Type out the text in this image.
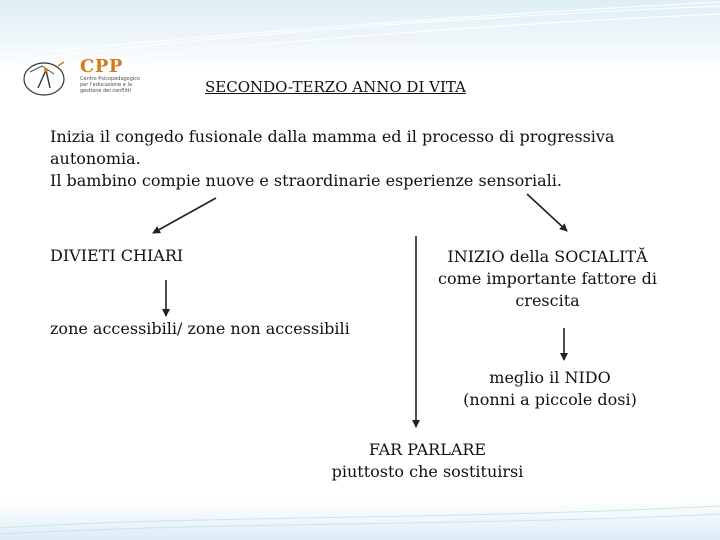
CPP
Centro Psicopedagogico
per l'educazione e la
gestione dei conflitti	SECONDO-TERZO ANNO DI VITA
Inizia il congedo fusionale dalla mamma ed il processo di progressiva
autonomia.
Il bambino compie nuove e straordinarie esperienze sensoriali.
DIVIETI CHIARI
zone accessibili/ zone non accessibili
INIZIO della SOCIALITĂ
come importante fattore di
crescita
meglio il NIDO
(nonni a piccole dosi)
FAR PARLARE
piuttosto che sostituirsi
